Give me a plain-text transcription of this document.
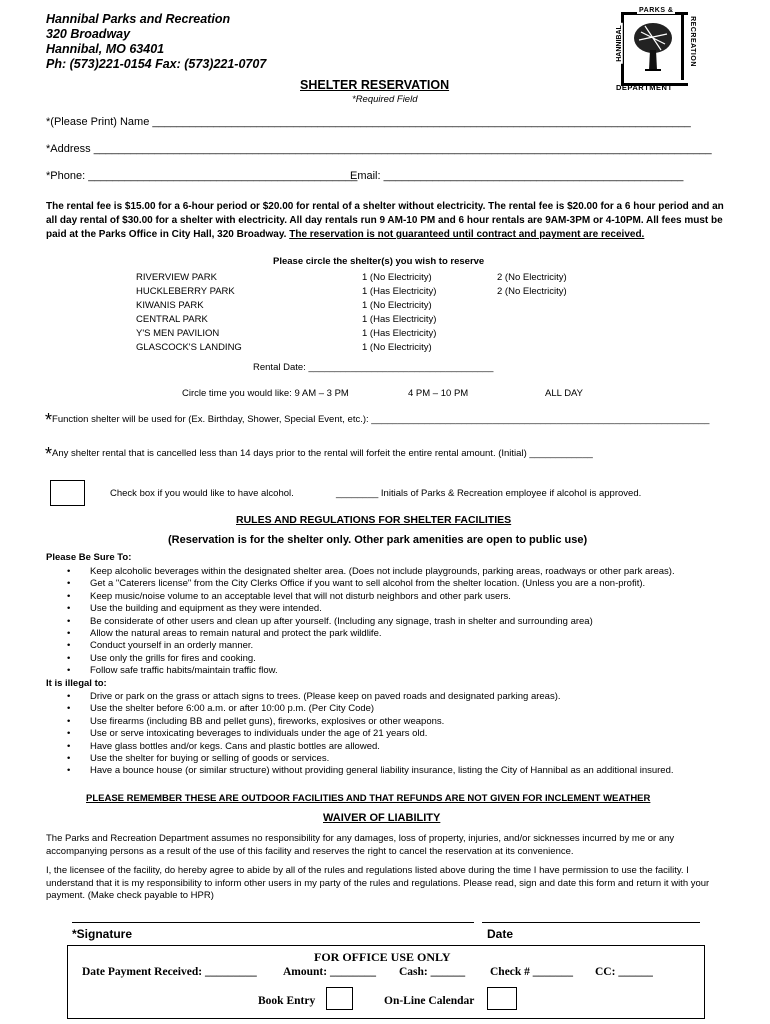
Hannibal Parks and Recreation
320 Broadway
Hannibal, MO 63401
Ph: (573)221-0154 Fax: (573)221-0707
PARKS &
HANNIBAL	RECREATION
DEPARTMENT
SHELTER RESERVATION
*Required Field
*(Please Print) Name ________________________________________________________________________________________
*Address _____________________________________________________________________________________________________
*Phone: ____________________________________________
Email: _________________________________________________
The rental fee is $15.00 for a 6-hour period or $20.00 for rental of a shelter without electricity. The rental fee is $20.00 for a 6 hour period and an all day rental of $30.00 for a shelter with electricity. All day rentals run 9 AM-10 PM and 6 hour rentals are 9AM-3PM or 4-10PM. All fees must be paid at the Parks Office in City Hall, 320 Broadway. The reservation is not guaranteed until contract and payment are received.
Please circle the shelter(s) you wish to reserve
RIVERVIEW PARK	1 (No Electricity)	2 (No Electricity)
HUCKLEBERRY PARK	1 (Has Electricity)	2 (No Electricity)
KIWANIS PARK	1 (No Electricity)
CENTRAL PARK	1 (Has Electricity)
Y'S MEN PAVILION	1 (Has Electricity)
GLASCOCK'S LANDING	1 (No Electricity)
Rental Date: ___________________________________
Circle time you would like: 9 AM – 3 PM	4 PM – 10 PM	ALL DAY
*Function shelter will be used for (Ex. Birthday, Shower, Special Event, etc.): ________________________________________________________________
*Any shelter rental that is cancelled less than 14 days prior to the rental will forfeit the entire rental amount. (Initial) ____________
Check box if you would like to have alcohol.	________ Initials of Parks & Recreation employee if alcohol is approved.
RULES AND REGULATIONS FOR SHELTER FACILITIES
(Reservation is for the shelter only. Other park amenities are open to public use)
Please Be Sure To:
• Keep alcoholic beverages within the designated shelter area. (Does not include playgrounds, parking areas, roadways or other park areas).
• Get a "Caterers license" from the City Clerks Office if you want to sell alcohol from the shelter location. (Unless you are a non-profit).
• Keep music/noise volume to an acceptable level that will not disturb neighbors and other park users.
• Use the building and equipment as they were intended.
• Be considerate of other users and clean up after yourself. (Including any signage, trash in shelter and surrounding area)
• Allow the natural areas to remain natural and protect the park wildlife.
• Conduct yourself in an orderly manner.
• Use only the grills for fires and cooking.
• Follow safe traffic habits/maintain traffic flow.
It is illegal to:
• Drive or park on the grass or attach signs to trees. (Please keep on paved roads and designated parking areas).
• Use the shelter before 6:00 a.m. or after 10:00 p.m. (Per City Code)
• Use firearms (including BB and pellet guns), fireworks, explosives or other weapons.
• Use or serve intoxicating beverages to individuals under the age of 21 years old.
• Have glass bottles and/or kegs. Cans and plastic bottles are allowed.
• Use the shelter for buying or selling of goods or services.
• Have a bounce house (or similar structure) without providing general liability insurance, listing the City of Hannibal as an additional insured.
PLEASE REMEMBER THESE ARE OUTDOOR FACILITIES AND THAT REFUNDS ARE NOT GIVEN FOR INCLEMENT WEATHER
WAIVER OF LIABILITY
The Parks and Recreation Department assumes no responsibility for any damages, loss of property, injuries, and/or sicknesses incurred by me or any accompanying persons as a result of the use of this facility and reserves the right to cancel the reservation at its convenience.
I, the licensee of the facility, do hereby agree to abide by all of the rules and regulations listed above during the time I have permission to use the facility. I understand that it is my responsibility to inform other users in my party of the rules and regulations. Please read, sign and date this form and return it with your payment. (Make check payable to HPR)
*Signature	Date
FOR OFFICE USE ONLY
Date Payment Received: _________ Amount: ________ Cash: ______ Check # _______ CC: ______
Book Entry	On-Line Calendar
